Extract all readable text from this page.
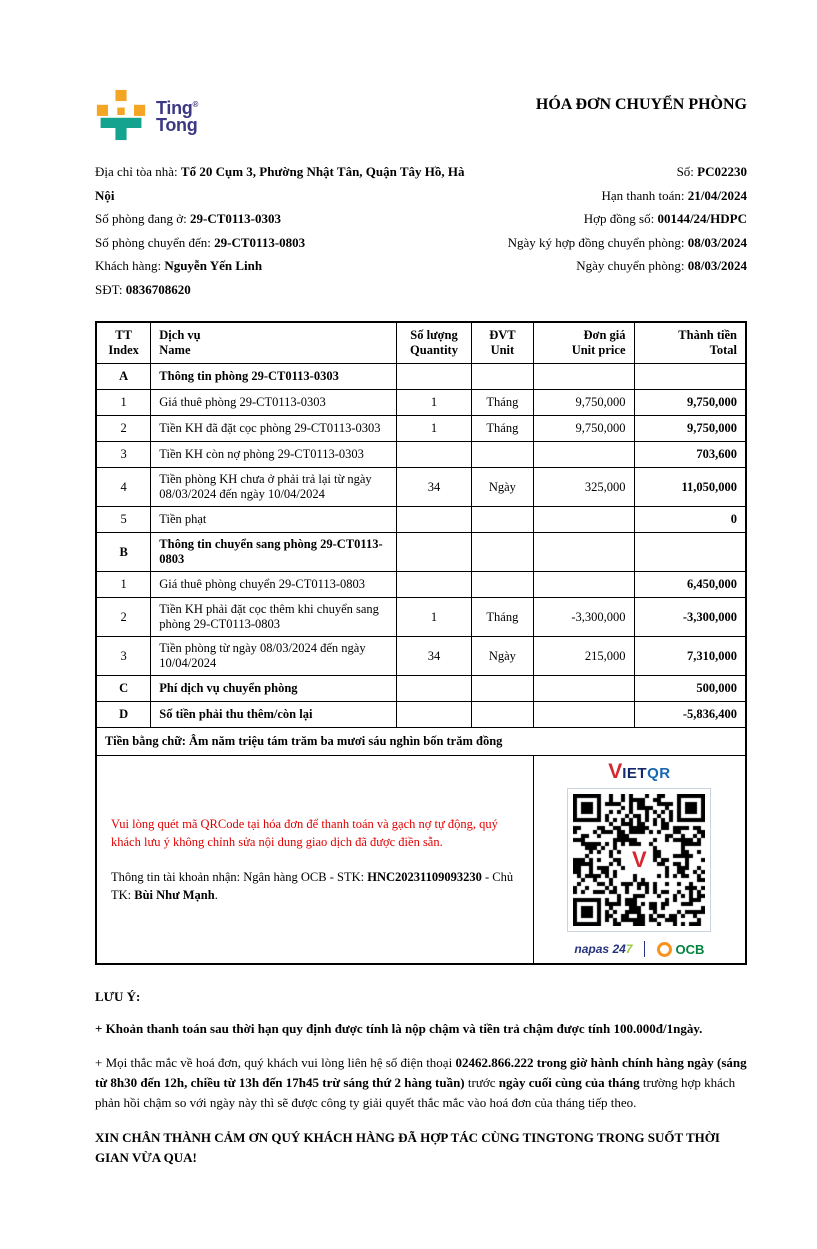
Ting®
Tong
HÓA ĐƠN CHUYỂN PHÒNG
Địa chỉ tòa nhà: Tổ 20 Cụm 3, Phường Nhật Tân, Quận Tây Hồ, Hà Nội
Số phòng đang ở: 29-CT0113-0303
Số phòng chuyển đến: 29-CT0113-0803
Khách hàng: Nguyễn Yến Linh
SĐT: 0836708620
Số: PC02230
Hạn thanh toán: 21/04/2024
Hợp đồng số: 00144/24/HDPC
Ngày ký hợp đồng chuyển phòng: 08/03/2024
Ngày chuyển phòng: 08/03/2024
TT
Index

Dịch vụ
Name

Số lượng
Quantity

ĐVT
Unit

Đơn giá
Unit price

Thành tiền
Total

A	Thông tin phòng 29-CT0113-0303				
1	Giá thuê phòng 29-CT0113-0303	1	Tháng	9,750,000	9,750,000
2	Tiền KH đã đặt cọc phòng 29-CT0113-0303	1	Tháng	9,750,000	9,750,000
3	Tiền KH còn nợ phòng 29-CT0113-0303				703,600
4	Tiền phòng KH chưa ở phải trả lại từ ngày 08/03/2024 đến ngày 10/04/2024	34	Ngày	325,000	11,050,000
5	Tiền phạt				0
B	Thông tin chuyển sang phòng 29-CT0113-0803				
1	Giá thuê phòng chuyển 29-CT0113-0803				6,450,000
2	Tiền KH phải đặt cọc thêm khi chuyển sang phòng 29-CT0113-0803	1	Tháng	-3,300,000	-3,300,000
3	Tiền phòng từ ngày 08/03/2024 đến ngày 10/04/2024	34	Ngày	215,000	7,310,000
C	Phí dịch vụ chuyển phòng				500,000
D	Số tiền phải thu thêm/còn lại				-5,836,400
Tiền bằng chữ: Âm năm triệu tám trăm ba mươi sáu nghìn bốn trăm đồng					

Vui lòng quét mã QRCode tại hóa đơn để thanh toán và gạch nợ tự động, quý khách lưu ý không chỉnh sửa nội dung giao dịch đã được điền sẵn.
Thông tin tài khoản nhận: Ngân hàng OCB - STK: HNC20231109093230 - Chủ TK: Bùi Như Mạnh.

VIETQR
V
napas 247	OCB
LƯU Ý:

+ Khoản thanh toán sau thời hạn quy định được tính là nộp chậm và tiền trả chậm được tính 100.000đ/1ngày.

+ Mọi thắc mắc về hoá đơn, quý khách vui lòng liên hệ số điện thoại 02462.866.222 trong giờ hành chính hàng ngày (sáng từ 8h30 đến 12h, chiều từ 13h đến 17h45 trừ sáng thứ 2 hàng tuần) trước ngày cuối cùng của tháng trường hợp khách phản hồi chậm so với ngày này thì sẽ được công ty giải quyết thắc mắc vào hoá đơn của tháng tiếp theo.

XIN CHÂN THÀNH CẢM ƠN QUÝ KHÁCH HÀNG ĐÃ HỢP TÁC CÙNG TINGTONG TRONG SUỐT THỜI GIAN VỪA QUA!
